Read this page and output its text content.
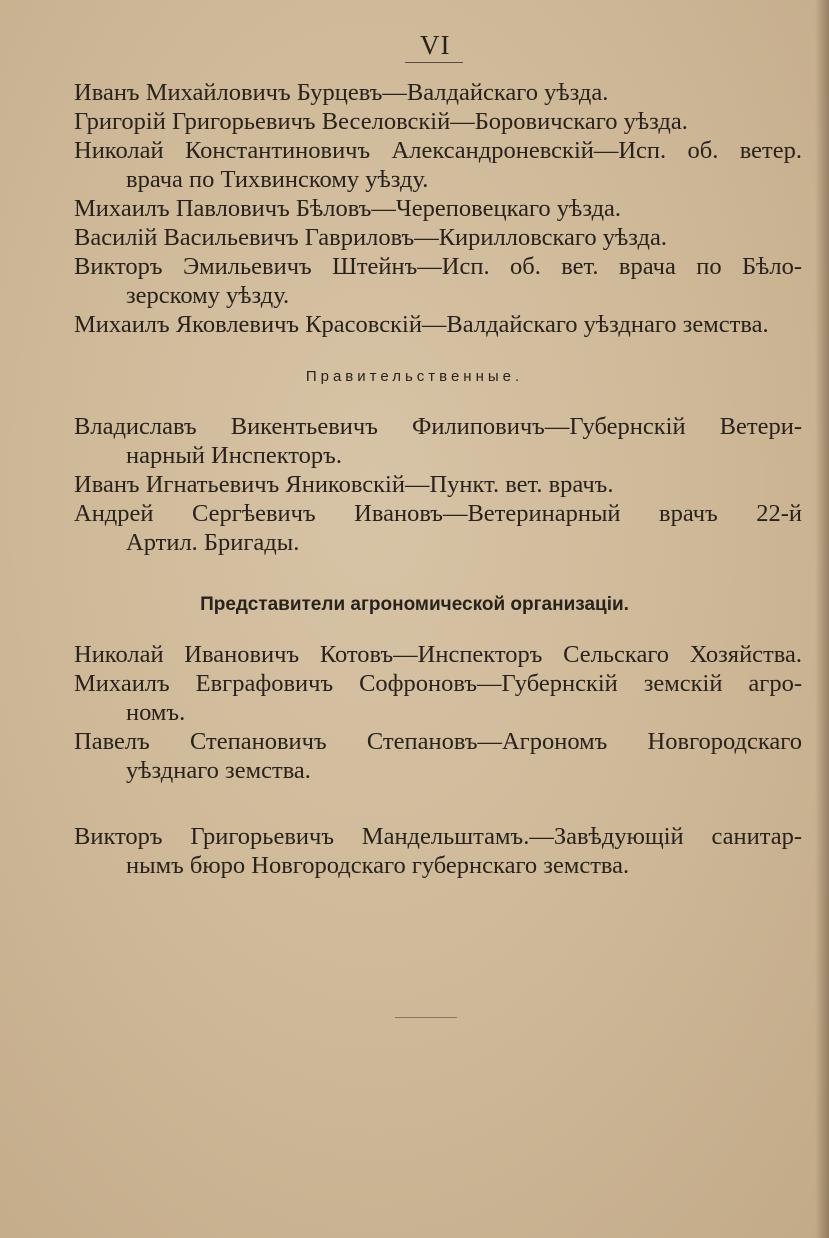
VI

Иванъ Михайловичъ Бурцевъ—Валдайскаго уѣзда.

Григорій Григорьевичъ Веселовскій—Боровичскаго уѣзда.

Николай Константиновичъ Александроневскій—Исп. об. ветер.
врача по Тихвинскому уѣзду.

Михаилъ Павловичъ Бѣловъ—Череповецкаго уѣзда.

Василій Васильевичъ Гавриловъ—Кирилловскаго уѣзда.

Викторъ Эмильевичъ Штейнъ—Исп. об. вет. врача по Бѣло-
зерскому уѣзду.

Михаилъ Яковлевичъ Красовскій—Валдайскаго уѣзднаго земства.

Правительственные.

Владиславъ Викентьевичъ Филиповичъ—Губернскій Ветери-
нарный Инспекторъ.

Иванъ Игнатьевичъ Яниковскій—Пункт. вет. врачъ.

Андрей Сергѣевичъ Ивановъ—Ветеринарный врачъ 22-й
Артил. Бригады.

Представители агрономической организаціи.

Николай Ивановичъ Котовъ—Инспекторъ Сельскаго Хозяйства.

Михаилъ Евграфовичъ Софроновъ—Губернскій земскій агро-
номъ.

Павелъ Степановичъ Степановъ—Агрономъ Новгородскаго
уѣзднаго земства.

Викторъ Григорьевичъ Мандельштамъ.—Завѣдующій санитар-
нымъ бюро Новгородскаго губернскаго земства.
